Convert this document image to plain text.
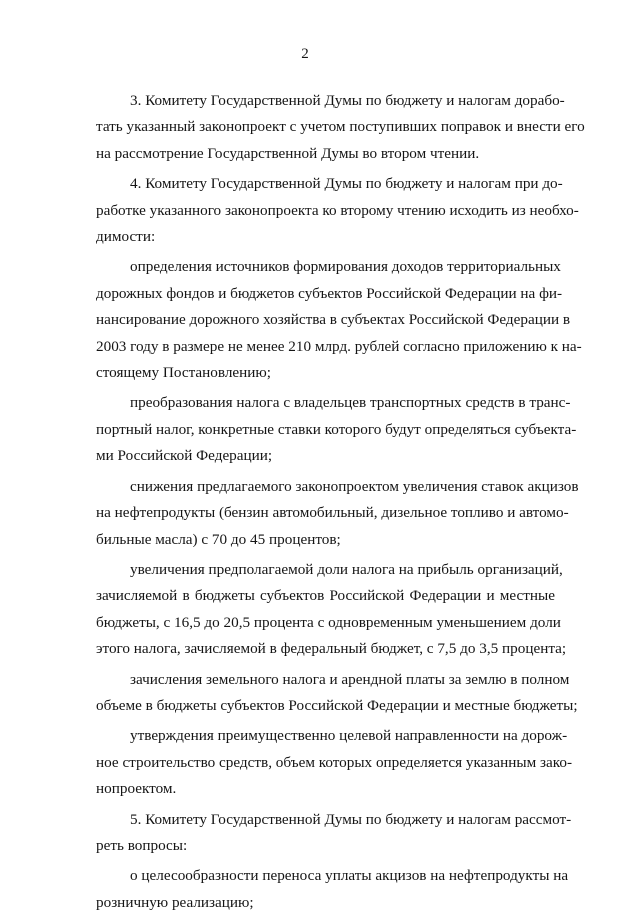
2
3. Комитету Государственной Думы по бюджету и налогам дорабо-
тать указанный законопроект с учетом поступивших поправок и внести его
на рассмотрение Государственной Думы во втором чтении.
4. Комитету Государственной Думы по бюджету и налогам при до-
работке указанного законопроекта ко второму чтению исходить из необхо-
димости:
определения источников формирования доходов территориальных
дорожных фондов и бюджетов субъектов Российской Федерации на фи-
нансирование дорожного хозяйства в субъектах Российской Федерации в
2003 году в размере не менее 210 млрд. рублей согласно приложению к на-
стоящему Постановлению;
преобразования налога с владельцев транспортных средств в транс-
портный налог, конкретные ставки которого будут определяться субъекта-
ми Российской Федерации;
снижения предлагаемого законопроектом увеличения ставок акцизов
на нефтепродукты (бензин автомобильный, дизельное топливо и автомо-
бильные масла) с 70 до 45 процентов;
увеличения предполагаемой доли налога на прибыль организаций,
зачисляемой в бюджеты субъектов Российской Федерации и местные
бюджеты, с 16,5 до 20,5 процента с одновременным уменьшением доли
этого налога, зачисляемой в федеральный бюджет, с 7,5 до 3,5 процента;
зачисления земельного налога и арендной платы за землю в полном
объеме в бюджеты субъектов Российской Федерации и местные бюджеты;
утверждения преимущественно целевой направленности на дорож-
ное строительство средств, объем которых определяется указанным зако-
нопроектом.
5. Комитету Государственной Думы по бюджету и налогам рассмот-
реть вопросы:
о целесообразности переноса уплаты акцизов на нефтепродукты на
розничную реализацию;
